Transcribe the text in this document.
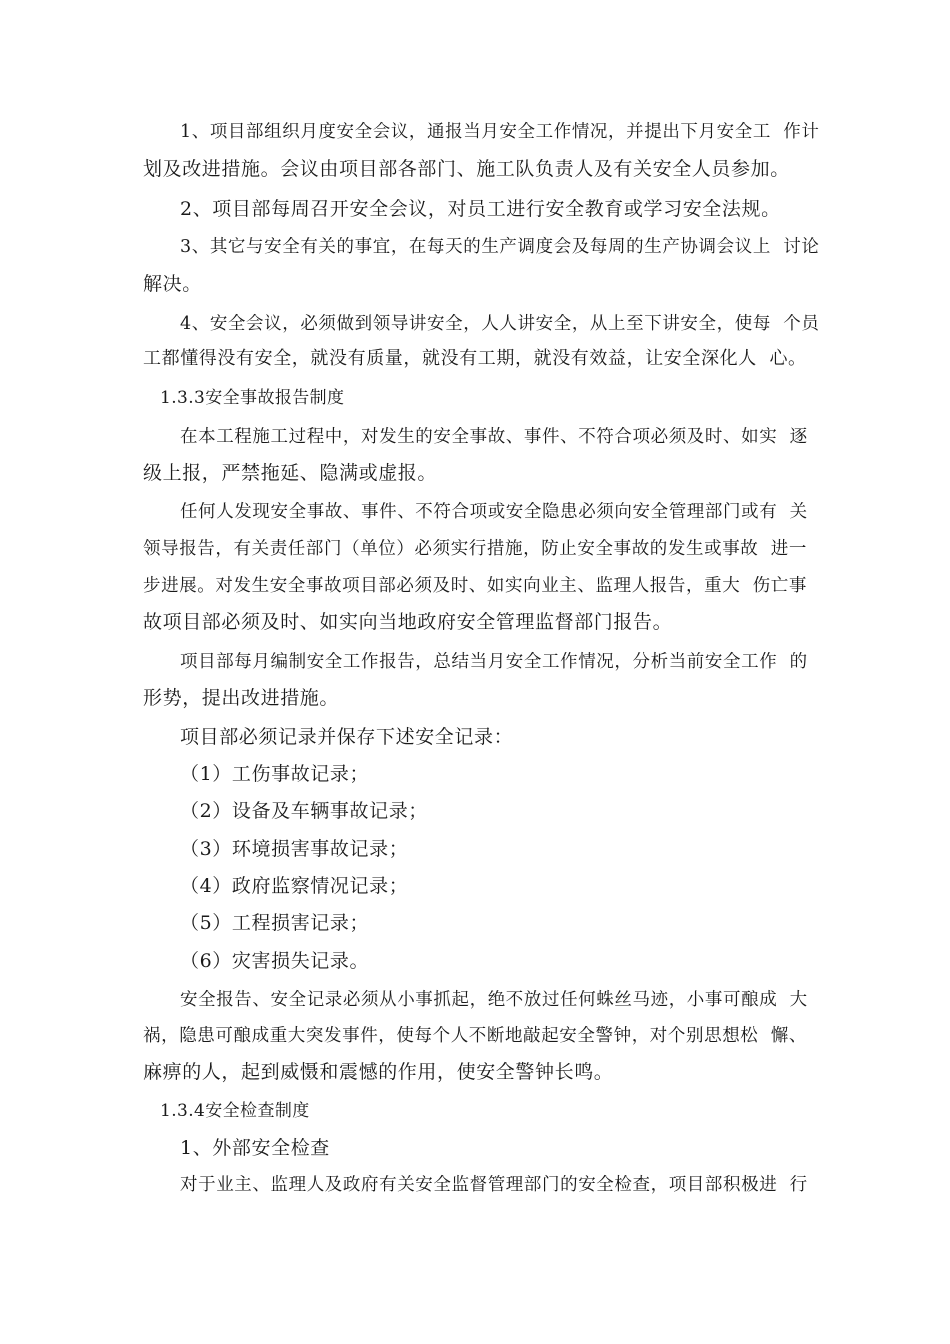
1、项目部组织月度安全会议，通报当月安全工作情况，并提出下月安全工  作计
划及改进措施。会议由项目部各部门、施工队负责人及有关安全人员参加。
2、项目部每周召开安全会议，对员工进行安全教育或学习安全法规。
3、其它与安全有关的事宜，在每天的生产调度会及每周的生产协调会议上  讨论
解决。
4、安全会议，必须做到领导讲安全，人人讲安全，从上至下讲安全，使每  个员
工都懂得没有安全，就没有质量，就没有工期，就没有效益，让安全深化人  心。
1.3.3安全事故报告制度
在本工程施工过程中，对发生的安全事故、事件、不符合项必须及时、如实  逐
级上报，严禁拖延、隐满或虚报。
任何人发现安全事故、事件、不符合项或安全隐患必须向安全管理部门或有  关
领导报告，有关责任部门（单位）必须实行措施，防止安全事故的发生或事故  进一
步进展。对发生安全事故项目部必须及时、如实向业主、监理人报告，重大  伤亡事
故项目部必须及时、如实向当地政府安全管理监督部门报告。
项目部每月编制安全工作报告，总结当月安全工作情况，分析当前安全工作  的
形势，提出改进措施。
项目部必须记录并保存下述安全记录：
（1）工伤事故记录；
（2）设备及车辆事故记录；
（3）环境损害事故记录；
（4）政府监察情况记录；
（5）工程损害记录；
（6）灾害损失记录。
安全报告、安全记录必须从小事抓起，绝不放过任何蛛丝马迹，小事可酿成  大
祸，隐患可酿成重大突发事件，使每个人不断地敲起安全警钟，对个别思想松  懈、
麻痹的人，起到威慑和震憾的作用，使安全警钟长鸣。
1.3.4安全检查制度
1、外部安全检查
对于业主、监理人及政府有关安全监督管理部门的安全检查，项目部积极进  行
